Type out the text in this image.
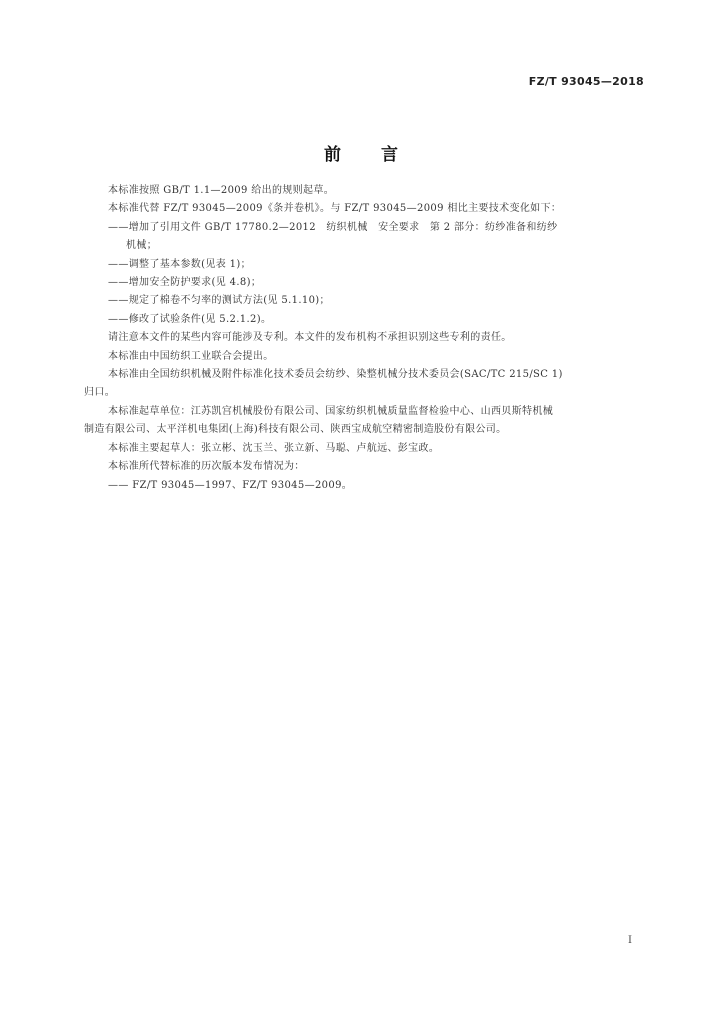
FZ/T 93045—2018
前 言

本标准按照 GB/T 1.1—2009 给出的规则起草。

本标准代替 FZ/T 93045—2009《条并卷机》。与 FZ/T 93045—2009 相比主要技术变化如下：

——增加了引用文件 GB/T 17780.2—2012　纺织机械　安全要求　第 2 部分：纺纱准备和纺纱

机械；

——调整了基本参数(见表 1)；

——增加安全防护要求(见 4.8)；

——规定了棉卷不匀率的测试方法(见 5.1.10)；

——修改了试验条件(见 5.2.1.2)。

请注意本文件的某些内容可能涉及专利。本文件的发布机构不承担识别这些专利的责任。

本标准由中国纺织工业联合会提出。

本标准由全国纺织机械及附件标准化技术委员会纺纱、染整机械分技术委员会(SAC/TC 215/SC 1)

归口。

本标准起草单位：江苏凯宫机械股份有限公司、国家纺织机械质量监督检验中心、山西贝斯特机械

制造有限公司、太平洋机电集团(上海)科技有限公司、陕西宝成航空精密制造股份有限公司。

本标准主要起草人：张立彬、沈玉兰、张立新、马聪、卢航远、彭宝政。

本标准所代替标准的历次版本发布情况为：

—— FZ/T 93045—1997、FZ/T 93045—2009。

I
